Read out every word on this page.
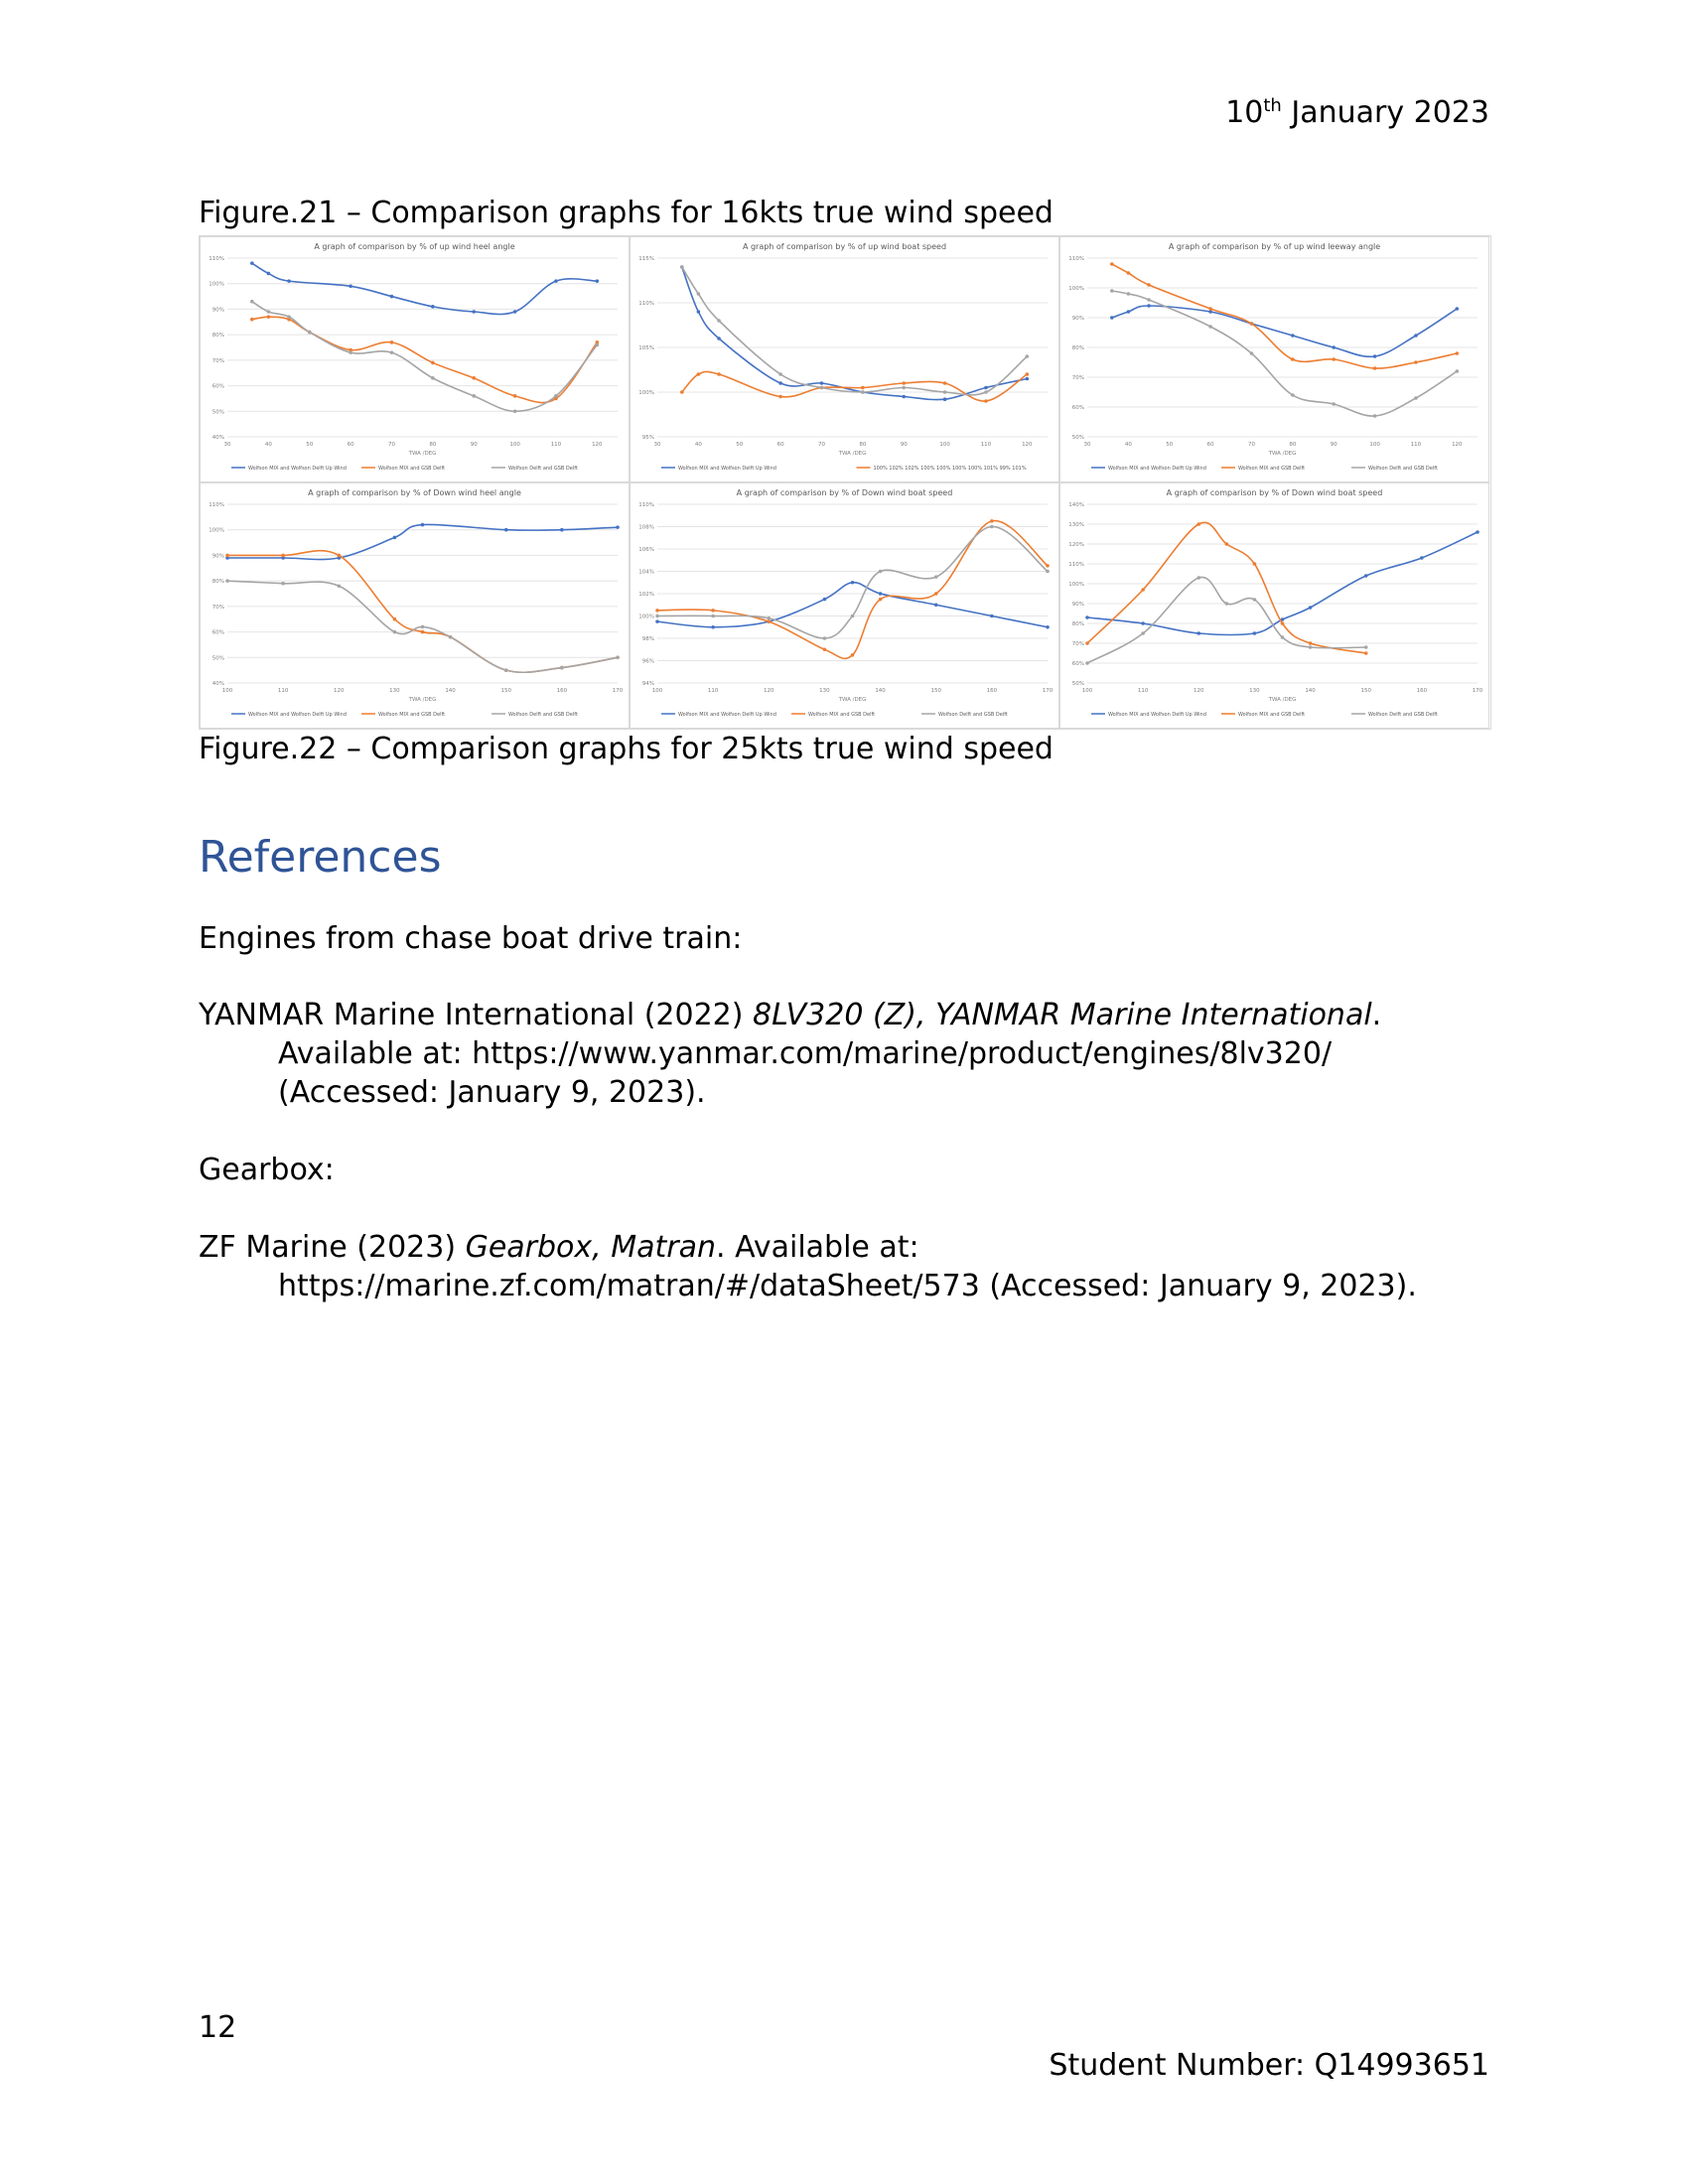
10th January 2023
Figure.21 – Comparison graphs for 16kts true wind speed
A graph of comparison by % of up wind heel angle
40%
50%
60%
70%
80%
90%
100%
110%
30	40	50	60	70	80	90	100	110	120
TWA /DEG
Wolfson MIX and Wolfson Delft Up Wind	Wolfson MIX and GSB Delft	Wolfson Delft and GSB Delft
A graph of comparison by % of up wind boat speed
95%
100%
105%
110%
115%
30	40	50	60	70	80	90	100	110	120
TWA /DEG
Wolfson MIX and Wolfson Delft Up Wind	100% 102% 102% 100% 100% 100% 100% 101% 99% 101%
A graph of comparison by % of up wind leeway angle
50%
60%
70%
80%
90%
100%
110%
30	40	50	60	70	80	90	100	110	120
TWA /DEG
Wolfson MIX and Wolfson Delft Up Wind	Wolfson MIX and GSB Delft	Wolfson Delft and GSB Delft
A graph of comparison by % of Down wind heel angle
40%
50%
60%
70%
80%
90%
100%
110%
100	110	120	130	140	150	160	170
TWA /DEG
Wolfson MIX and Wolfson Delft Up Wind	Wolfson MIX and GSB Delft	Wolfson Delft and GSB Delft
A graph of comparison by % of Down wind boat speed
94%
96%
98%
100%
102%
104%
106%
108%
110%
100	110	120	130	140	150	160	170
TWA /DEG
Wolfson MIX and Wolfson Delft Up Wind	Wolfson MIX and GSB Delft	Wolfson Delft and GSB Delft
A graph of comparison by % of Down wind boat speed
50%
60%
70%
80%
90%
100%
110%
120%
130%
140%
100	110	120	130	140	150	160	170
TWA /DEG
Wolfson MIX and Wolfson Delft Up Wind	Wolfson MIX and GSB Delft	Wolfson Delft and GSB Delft
Figure.22 – Comparison graphs for 25kts true wind speed
References
Engines from chase boat drive train:
YANMAR Marine International (2022) 8LV320 (Z), YANMAR Marine International.
Available at: https://www.yanmar.com/marine/product/engines/8lv320/
(Accessed: January 9, 2023).
Gearbox:
ZF Marine (2023) Gearbox, Matran. Available at:
https://marine.zf.com/matran/#/dataSheet/573 (Accessed: January 9, 2023).
12
Student Number: Q14993651
